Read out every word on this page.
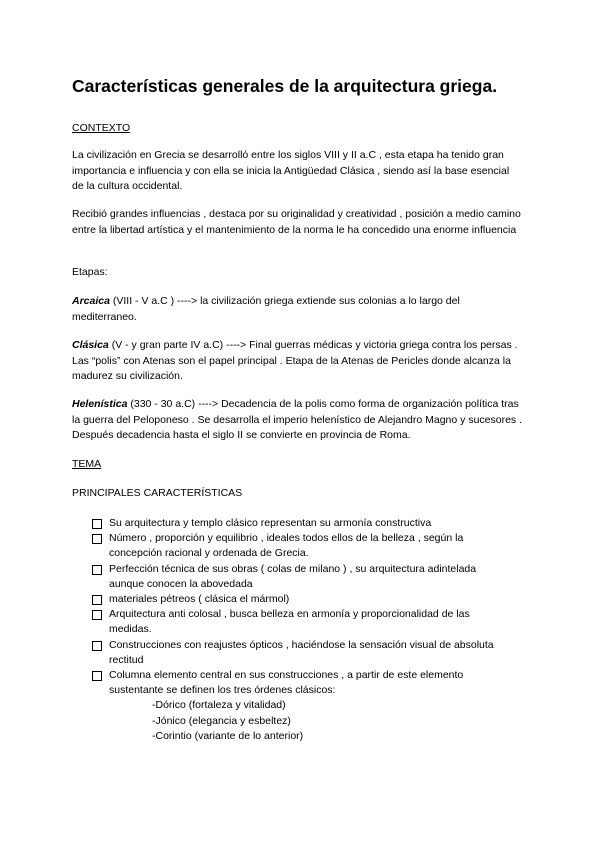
Características generales de la arquitectura griega.

CONTEXTO

La civilización en Grecia se desarrolló entre los siglos VIII y II a.C , esta etapa ha tenido gran importancia e influencia y con ella se inicia la Antigüedad Clásica , siendo así la base esencial de la cultura occidental.

Recibió grandes influencias , destaca por su originalidad y creatividad , posición a medio camino entre la libertad artística y el mantenimiento de la norma le ha concedido una enorme influencia

Etapas:

Arcaica (VIII - V a.C ) ----> la civilización griega extiende sus colonias a lo largo del mediterraneo.

Clásica (V - y gran parte IV a.C) ----> Final guerras médicas y victoria griega contra los persas . Las “polis” con Atenas son el papel principal . Etapa de la Atenas de Pericles donde alcanza la madurez su civilización.

Helenística (330 - 30 a.C) ----> Decadencia de la polis como forma de organización política tras la guerra del Peloponeso . Se desarrolla el imperio helenístico de Alejandro Magno y sucesores . Después decadencia hasta el siglo II se convierte en provincia de Roma.

TEMA

PRINCIPALES CARACTERÍSTICAS

Su arquitectura y templo clásico representan su armonía constructiva
Número , proporción y equilibrio , ideales todos ellos de la belleza , según la concepción racional y ordenada de Grecia.
Perfección técnica de sus obras ( colas de milano ) , su arquitectura adintelada aunque conocen la abovedada
materiales pétreos ( clásica el mármol)
Arquitectura anti colosal , busca belleza en armonía y proporcionalidad de las medidas.
Construcciones con reajustes ópticos , haciéndose la sensación visual de absoluta rectitud
Columna elemento central en sus construcciones , a partir de este elemento sustentante se definen los tres órdenes clásicos:
-Dórico (fortaleza y vitalidad)
-Jónico (elegancia y esbeltez)
-Corintio (variante de lo anterior)
